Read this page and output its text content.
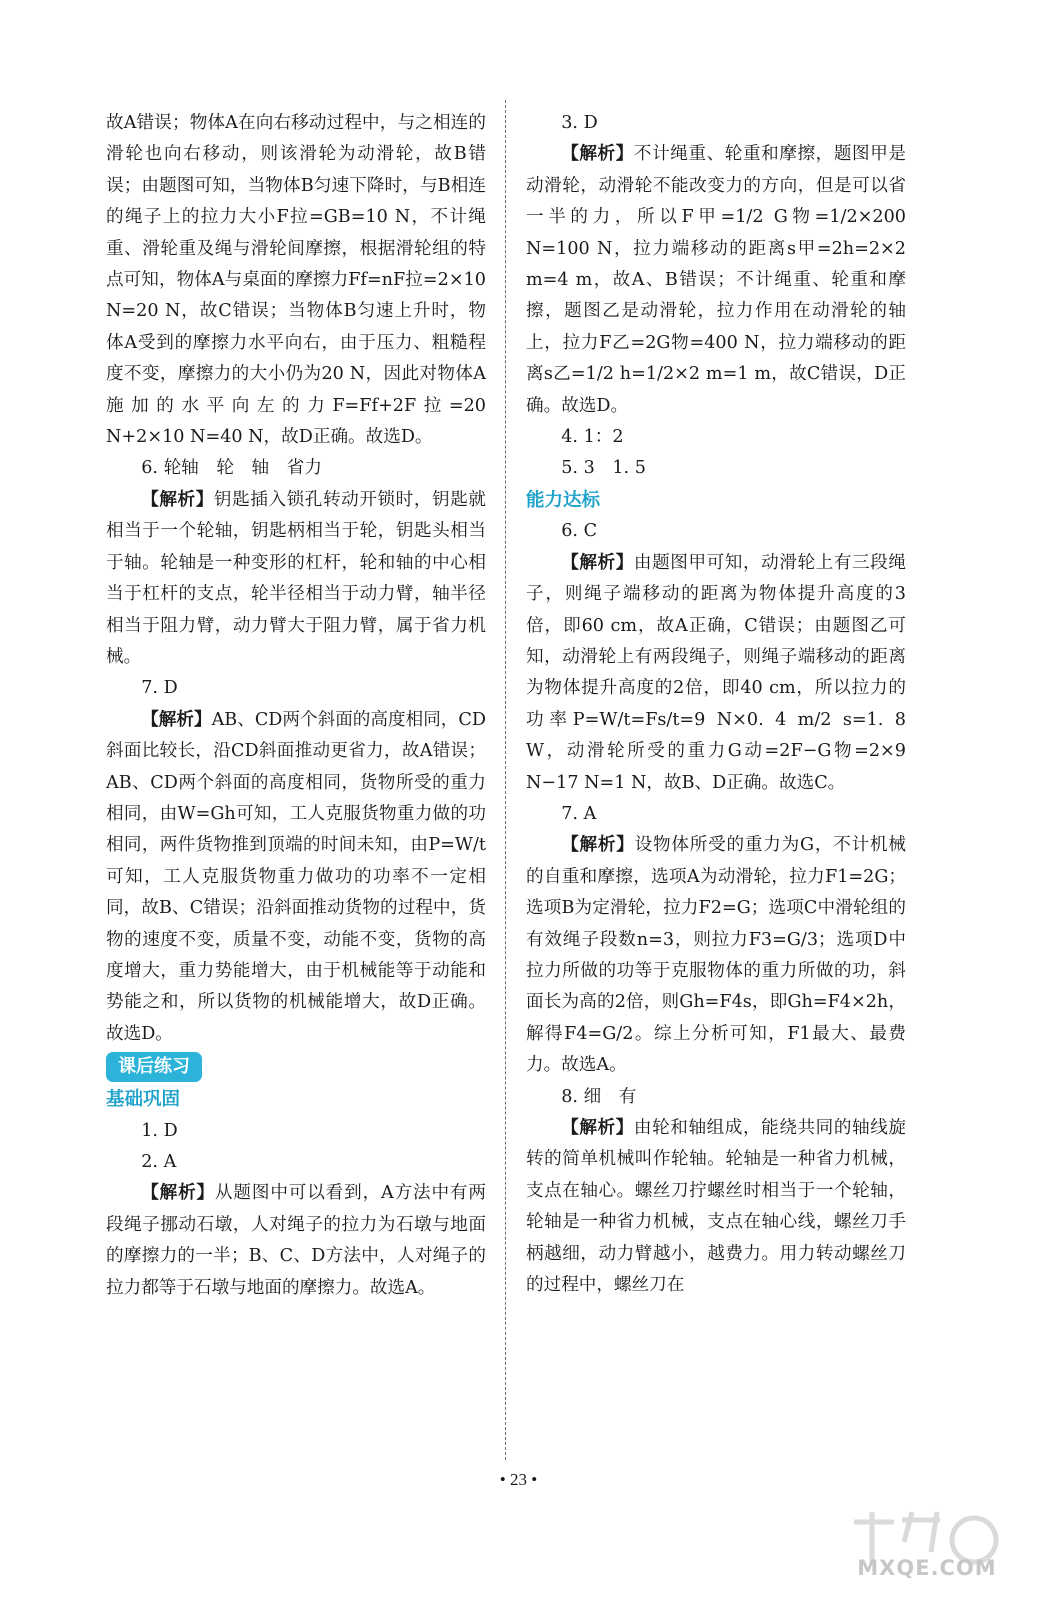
故A错误；物体A在向右移动过程中，与之相连的滑轮也向右移动，则该滑轮为动滑轮，故B错误；由题图可知，当物体B匀速下降时，与B相连的绳子上的拉力大小F拉=GB=10 N，不计绳重、滑轮重及绳与滑轮间摩擦，根据滑轮组的特点可知，物体A与桌面的摩擦力Ff=nF拉=2×10 N=20 N，故C错误；当物体B匀速上升时，物体A受到的摩擦力水平向右，由于压力、粗糙程度不变，摩擦力的大小仍为20 N，因此对物体A施加的水平向左的力F=Ff+2F拉=20 N+2×10 N=40 N，故D正确。故选D。

6. 轮轴　轮　轴　省力

【解析】钥匙插入锁孔转动开锁时，钥匙就相当于一个轮轴，钥匙柄相当于轮，钥匙头相当于轴。轮轴是一种变形的杠杆，轮和轴的中心相当于杠杆的支点，轮半径相当于动力臂，轴半径相当于阻力臂，动力臂大于阻力臂，属于省力机械。

7. D

【解析】AB、CD两个斜面的高度相同，CD斜面比较长，沿CD斜面推动更省力，故A错误；AB、CD两个斜面的高度相同，货物所受的重力相同，由W=Gh可知，工人克服货物重力做的功相同，两件货物推到顶端的时间未知，由P=W/t可知，工人克服货物重力做功的功率不一定相同，故B、C错误；沿斜面推动货物的过程中，货物的速度不变，质量不变，动能不变，货物的高度增大，重力势能增大，由于机械能等于动能和势能之和，所以货物的机械能增大，故D正确。故选D。

课后练习

基础巩固

1. D

2. A

【解析】从题图中可以看到，A方法中有两段绳子挪动石墩，人对绳子的拉力为石墩与地面的摩擦力的一半；B、C、D方法中，人对绳子的拉力都等于石墩与地面的摩擦力。故选A。

3. D

【解析】不计绳重、轮重和摩擦，题图甲是动滑轮，动滑轮不能改变力的方向，但是可以省一半的力，所以F甲=1/2 G物=1/2×200 N=100 N，拉力端移动的距离s甲=2h=2×2 m=4 m，故A、B错误；不计绳重、轮重和摩擦，题图乙是动滑轮，拉力作用在动滑轮的轴上，拉力F乙=2G物=400 N，拉力端移动的距离s乙=1/2 h=1/2×2 m=1 m，故C错误，D正确。故选D。

4. 1：2

5. 3　1. 5

能力达标

6. C

【解析】由题图甲可知，动滑轮上有三段绳子，则绳子端移动的距离为物体提升高度的3倍，即60 cm，故A正确，C错误；由题图乙可知，动滑轮上有两段绳子，则绳子端移动的距离为物体提升高度的2倍，即40 cm，所以拉力的功率P=W/t=Fs/t=9 N×0. 4 m/2 s=1. 8 W，动滑轮所受的重力G动=2F−G物=2×9 N−17 N=1 N，故B、D正确。故选C。

7. A

【解析】设物体所受的重力为G，不计机械的自重和摩擦，选项A为动滑轮，拉力F1=2G；选项B为定滑轮，拉力F2=G；选项C中滑轮组的有效绳子段数n=3，则拉力F3=G/3；选项D中拉力所做的功等于克服物体的重力所做的功，斜面长为高的2倍，则Gh=F4s，即Gh=F4×2h，解得F4=G/2。综上分析可知，F1最大、最费力。故选A。

8. 细　有

【解析】由轮和轴组成，能绕共同的轴线旋转的简单机械叫作轮轴。轮轴是一种省力机械，支点在轴心。螺丝刀拧螺丝时相当于一个轮轴，轮轴是一种省力机械，支点在轴心线，螺丝刀手柄越细，动力臂越小，越费力。用力转动螺丝刀的过程中，螺丝刀在

• 23 •
MXQE.COM
